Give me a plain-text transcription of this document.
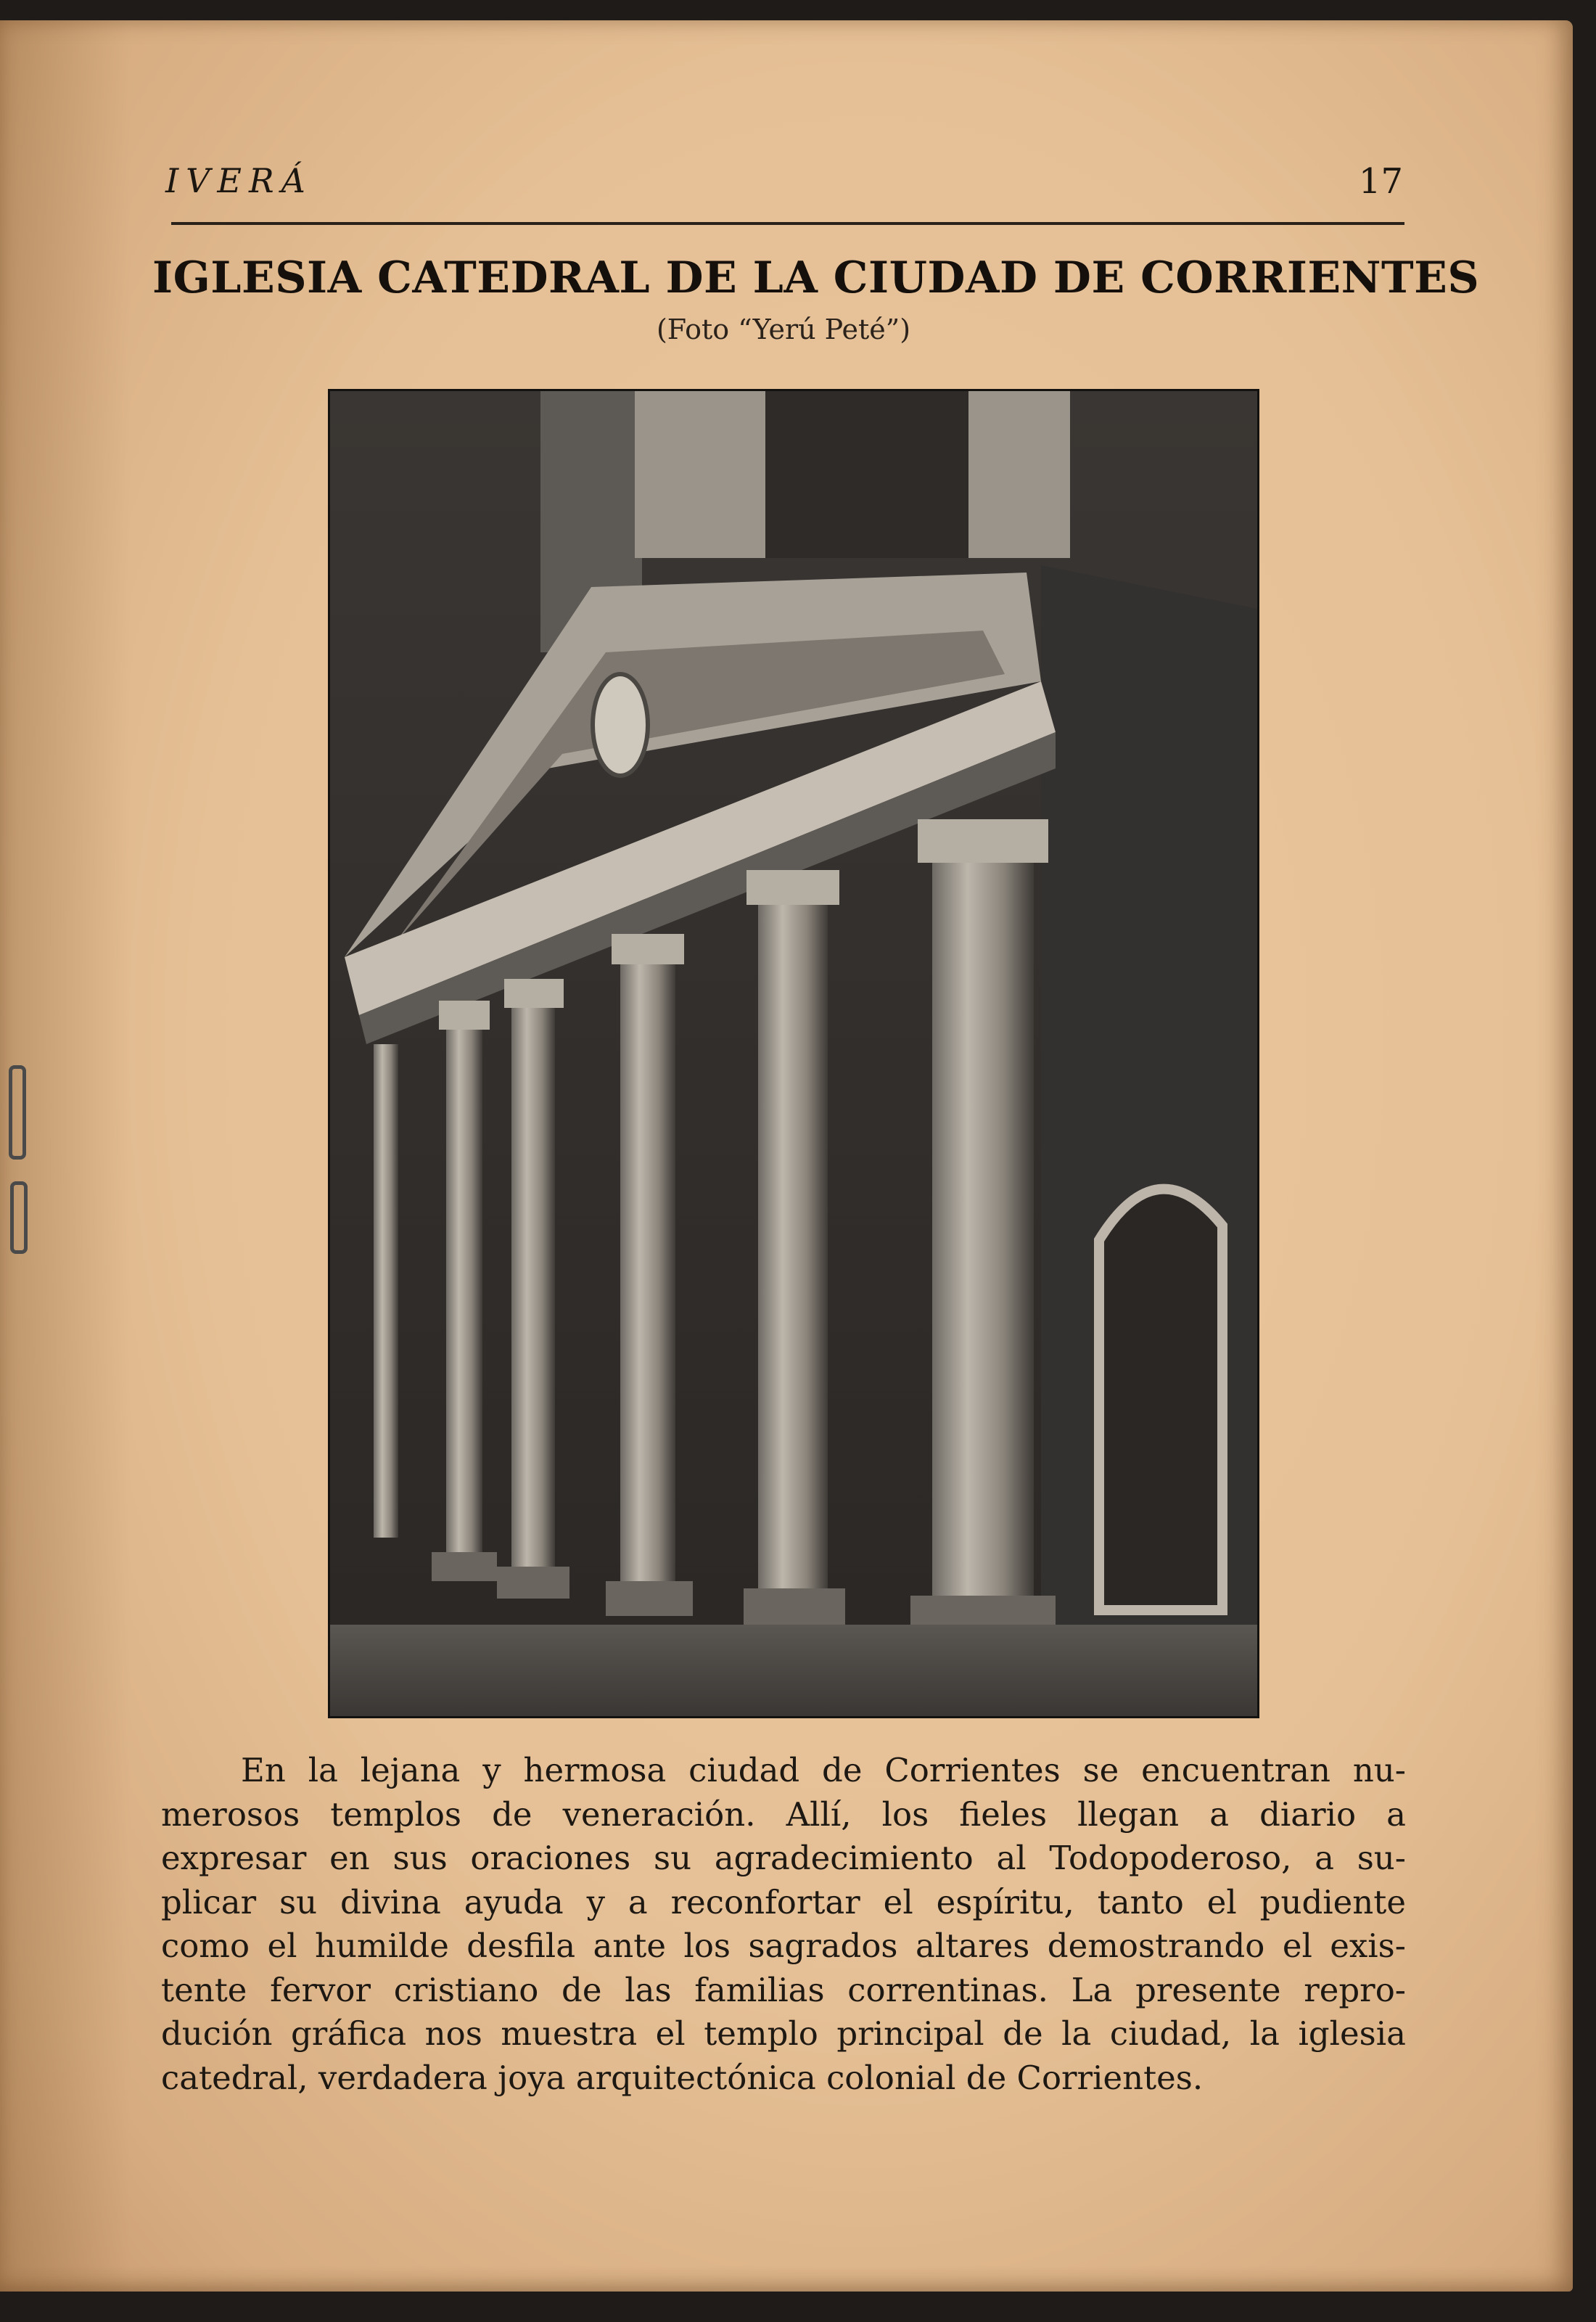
IVERÁ	17
IGLESIA CATEDRAL DE LA CIUDAD DE CORRIENTES
(Foto “Yerú Peté”)
En la lejana y hermosa ciudad de Corrientes se encuentran nu-
merosos templos de veneración. Allí, los fieles llegan a diario a
expresar en sus oraciones su agradecimiento al Todopoderoso, a su-
plicar su divina ayuda y a reconfortar el espíritu, tanto el pudiente
como el humilde desfila ante los sagrados altares demostrando el exis-
tente fervor cristiano de las familias correntinas. La presente repro-
dución gráfica nos muestra el templo principal de la ciudad, la iglesia
catedral, verdadera joya arquitectónica colonial de Corrientes.
